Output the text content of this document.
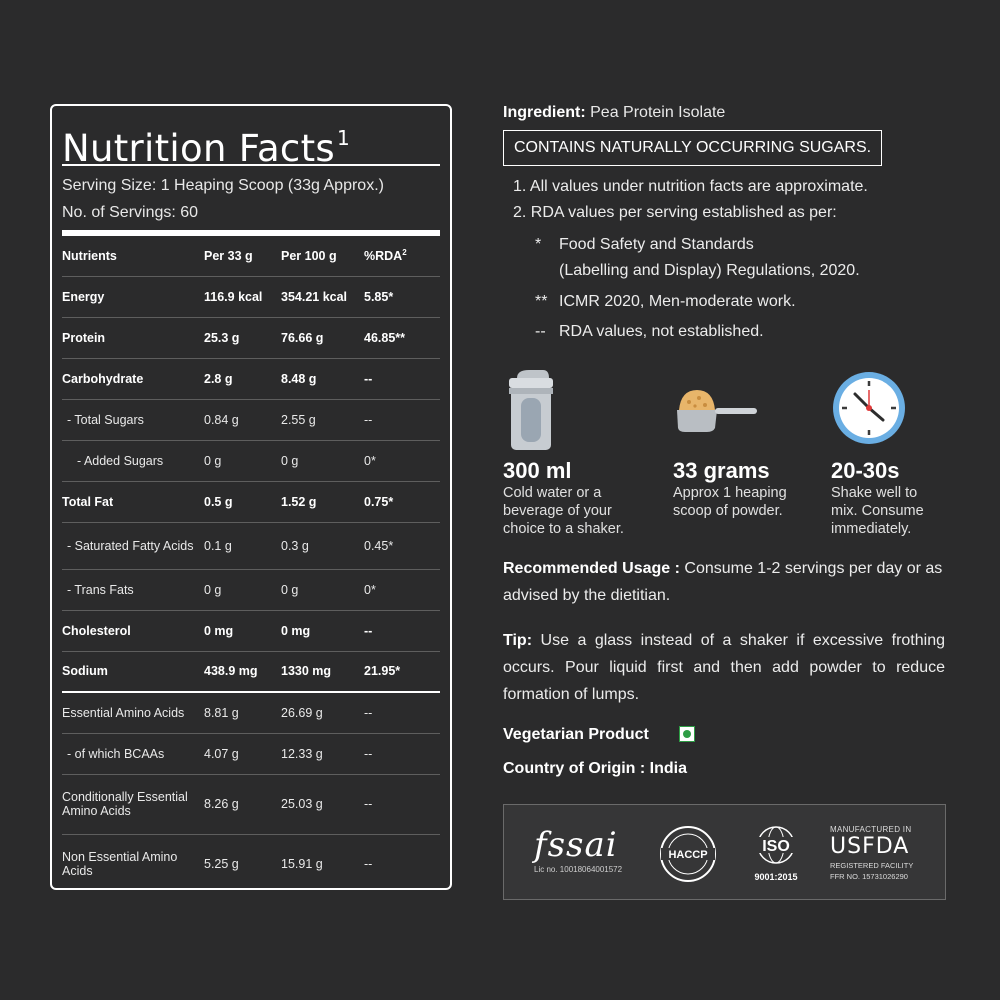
Nutrition Facts $^1$
Serving Size: 1 Heaping Scoop (33g Approx.)
No. of Servings: 60
Nutrients	Per 33 g	Per 100 g	%RDA$^2$
Energy	116.9 kcal	354.21 kcal	5.85*
Protein	25.3 g	76.66 g	46.85**
Carbohydrate	2.8 g	8.48 g	--
- Total Sugars	0.84 g	2.55 g	--
- Added Sugars	0 g	0 g	0*
Total Fat	0.5 g	1.52 g	0.75*
- Saturated Fatty Acids	0.1 g	0.3 g	0.45*
- Trans Fats	0 g	0 g	0*
Cholesterol	0 mg	0 mg	--
Sodium	438.9 mg	1330 mg	21.95*
Essential Amino Acids	8.81 g	26.69 g	--
- of which BCAAs	4.07 g	12.33 g	--
Conditionally Essential Amino Acids	8.26 g	25.03 g	--
Non Essential Amino Acids	5.25 g	15.91 g	--
Ingredient: Pea Protein Isolate
CONTAINS NATURALLY OCCURRING SUGARS.
1. All values under nutrition facts are approximate.
2. RDA values per serving established as per:
*	Food Safety and Standards
(Labelling and Display) Regulations, 2020.
** ICMR 2020, Men-moderate work.
-- RDA values, not established.
300 ml
Cold water or a
beverage of your
choice to a shaker.
33 grams
Approx 1 heaping
scoop of powder.
20-30s
Shake well to
mix. Consume
immediately.
Recommended Usage : Consume 1-2 servings per day or as advised by the dietitian.
Tip: Use a glass instead of a shaker if excessive frothing occurs. Pour liquid first and then add powder to reduce formation of lumps.
Vegetarian Product
Country of Origin : India
fssai
Lic no. 10018064001572
HACCP	ISO
9001:2015
MANUFACTURED IN
USFDA
REGISTERED FACILITY
FFR NO. 15731026290
